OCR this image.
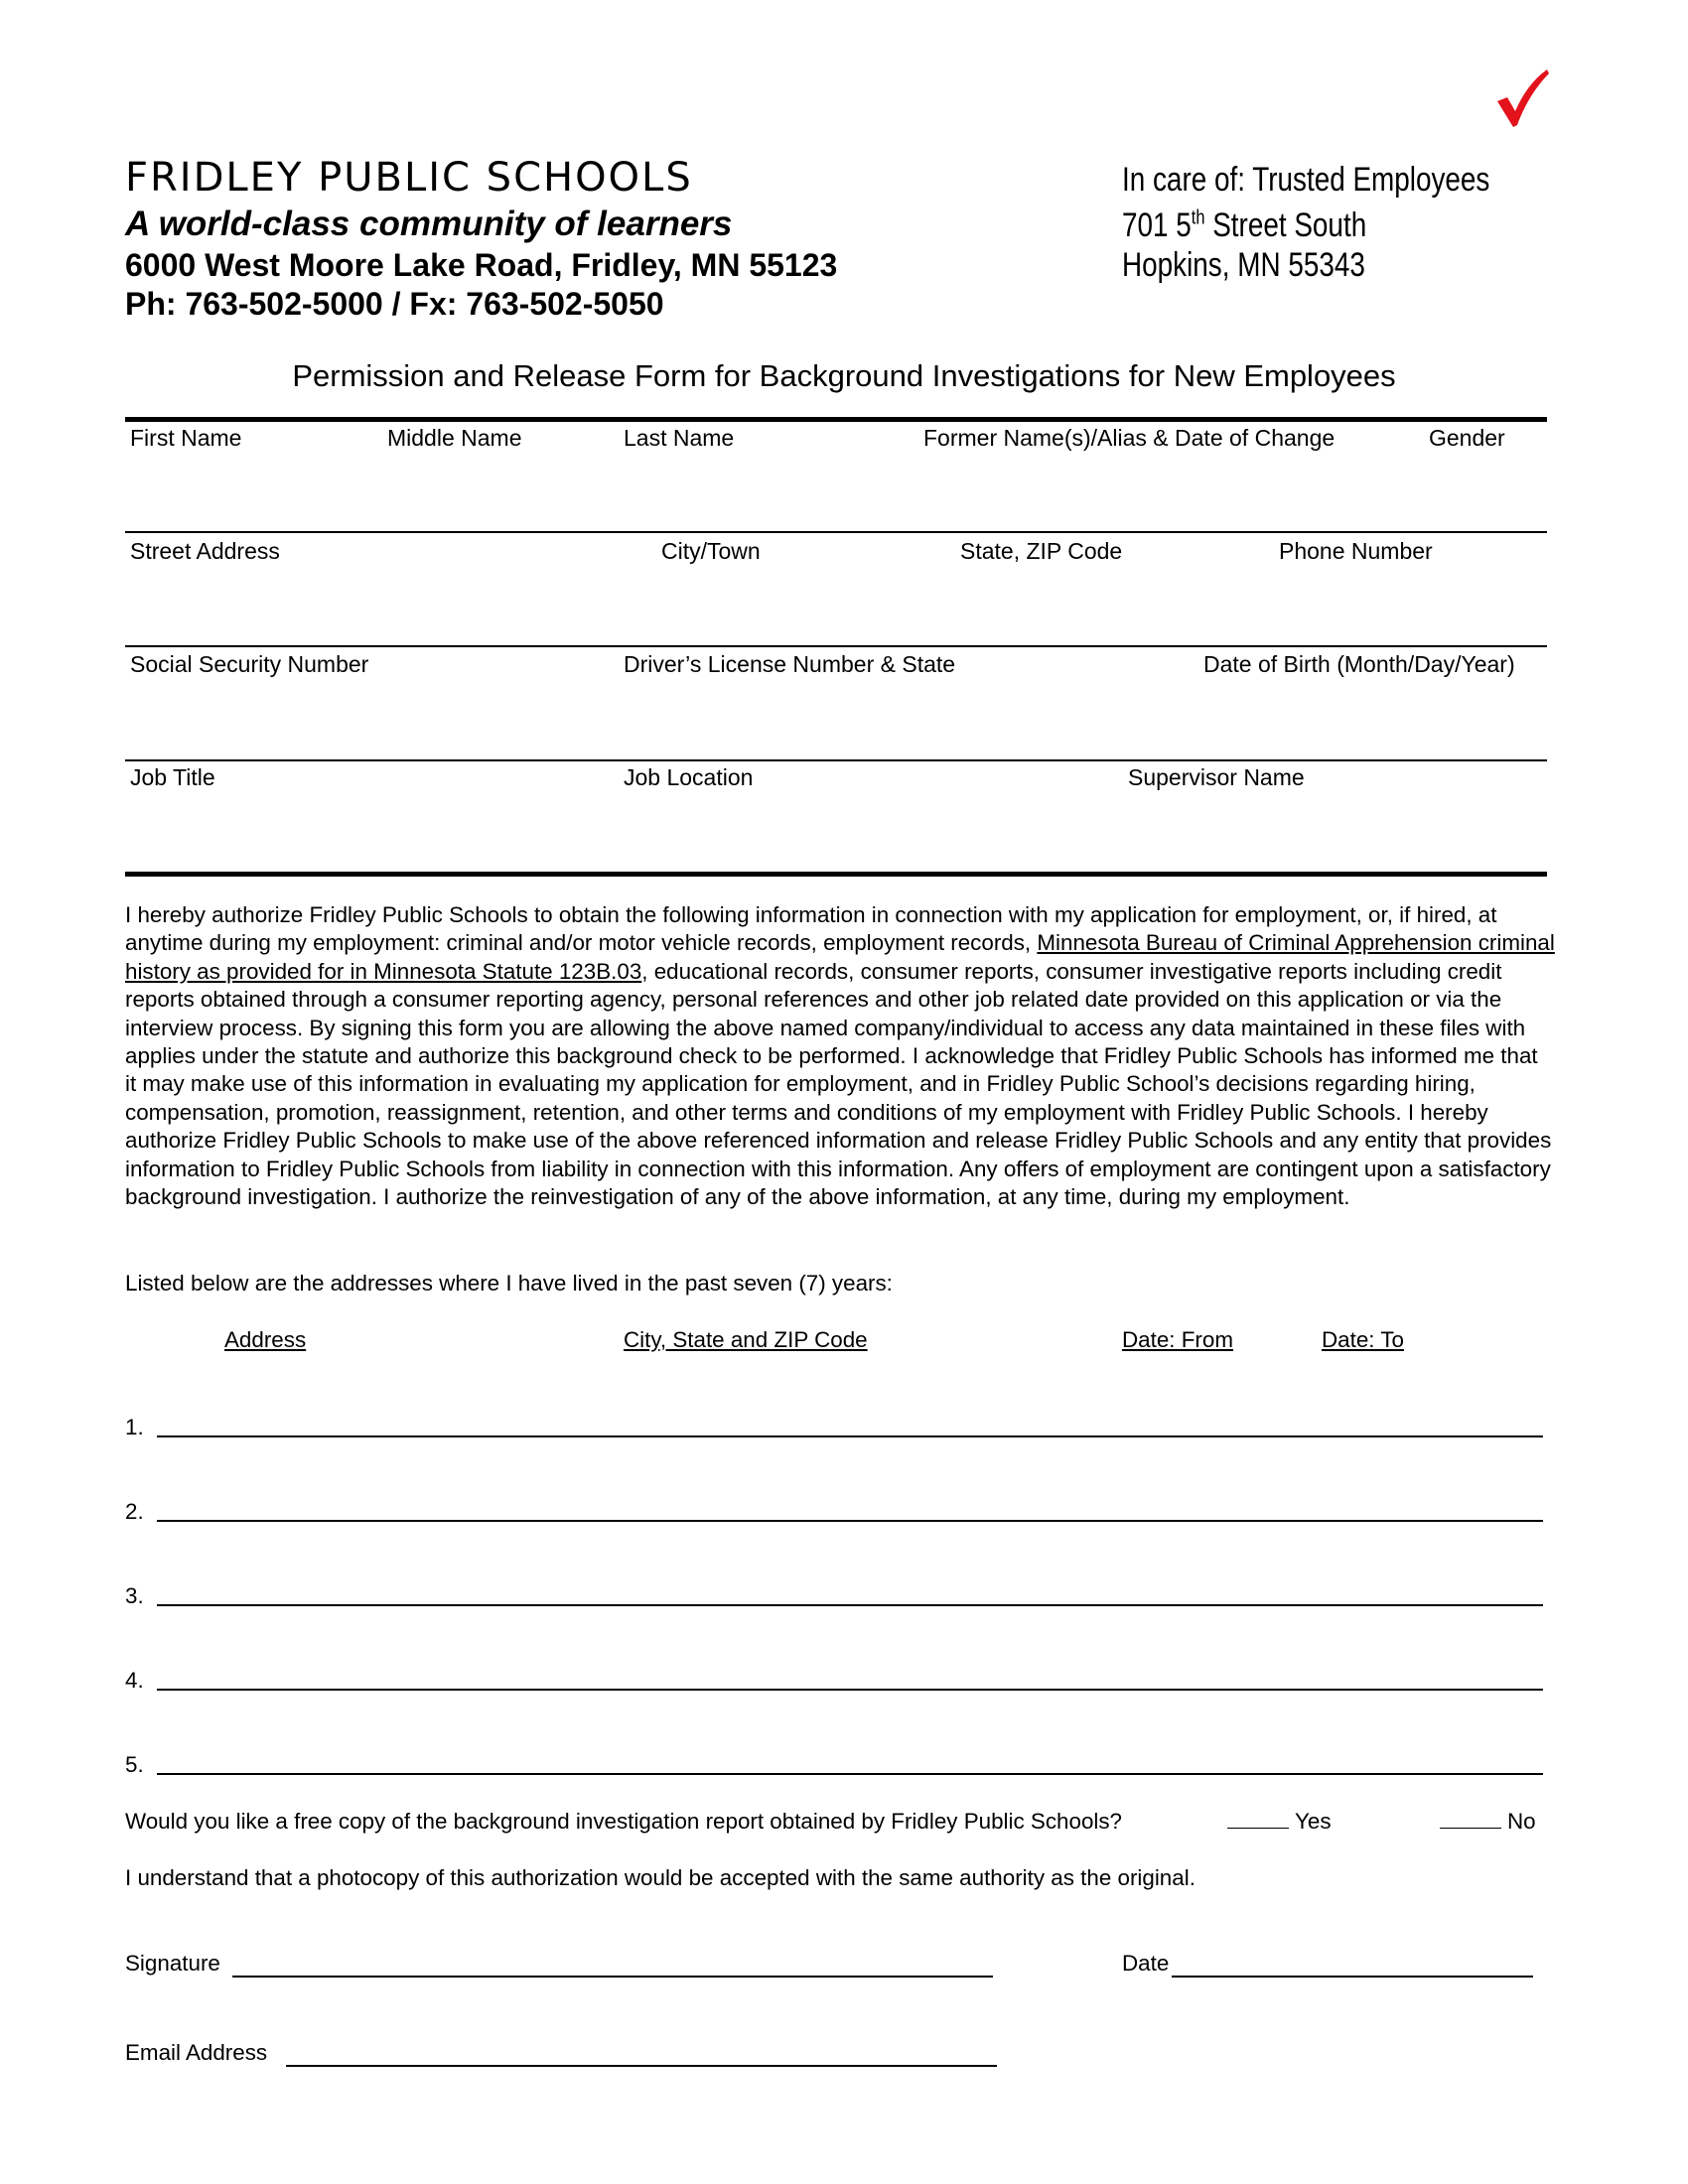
FRIDLEY PUBLIC SCHOOLS
A world-class community of learners
6000 West Moore Lake Road, Fridley, MN 55123
Ph: 763-502-5000 / Fx: 763-502-5050
In care of: Trusted Employees
701 5th Street South
Hopkins, MN 55343
Permission and Release Form for Background Investigations for New Employees
First Name	Middle Name	Last Name	Former Name(s)/Alias & Date of Change	Gender
Street Address	City/Town	State, ZIP Code	Phone Number
Social Security Number	Driver’s License Number & State	Date of Birth (Month/Day/Year)
Job Title	Job Location	Supervisor Name
I hereby authorize Fridley Public Schools to obtain the following information in connection with my application for employment, or, if hired, at anytime during my employment: criminal and/or motor vehicle records, employment records, Minnesota Bureau of Criminal Apprehension criminal history as provided for in Minnesota Statute 123B.03, educational records, consumer reports, consumer investigative reports including credit reports obtained through a consumer reporting agency, personal references and other job related date provided on this application or via the interview process. By signing this form you are allowing the above named company/individual to access any data maintained in these files with applies under the statute and authorize this background check to be performed. I acknowledge that Fridley Public Schools has informed me that it may make use of this information in evaluating my application for employment, and in Fridley Public School’s decisions regarding hiring, compensation, promotion, reassignment, retention, and other terms and conditions of my employment with Fridley Public Schools. I hereby authorize Fridley Public Schools to make use of the above referenced information and release Fridley Public Schools and any entity that provides information to Fridley Public Schools from liability in connection with this information. Any offers of employment are contingent upon a satisfactory background investigation. I authorize the reinvestigation of any of the above information, at any time, during my employment.
Listed below are the addresses where I have lived in the past seven (7) years:
Address	City, State and ZIP Code	Date: From	Date: To
1.
2.
3.
4.
5.
Would you like a free copy of the background investigation report obtained by Fridley Public Schools?	Yes	No
I understand that a photocopy of this authorization would be accepted with the same authority as the original.
Signature	Date
Email Address
